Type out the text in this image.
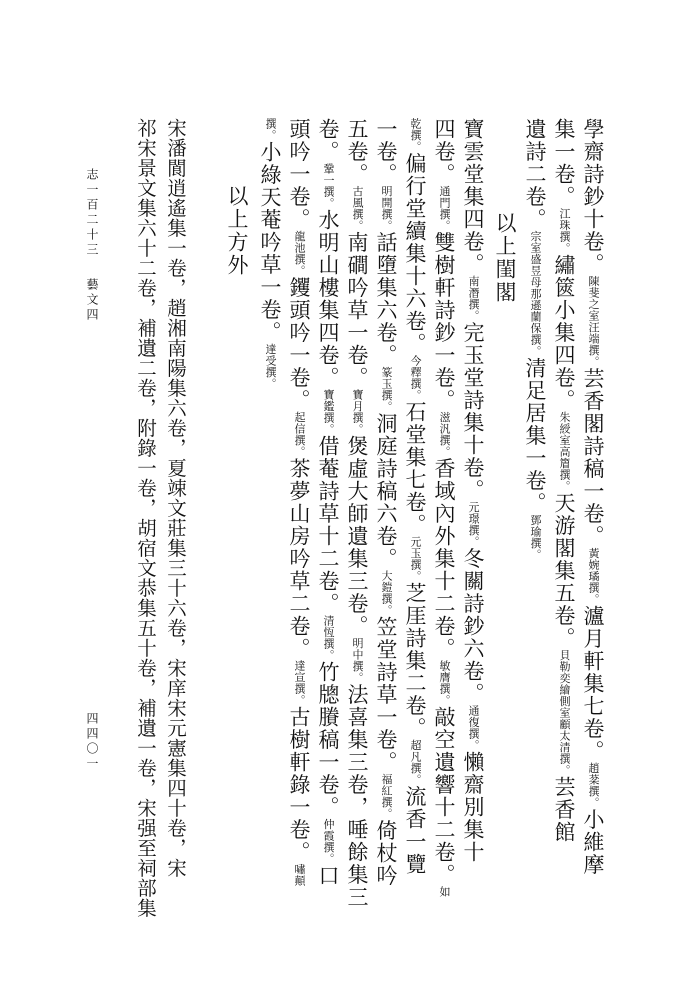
學齋詩鈔十卷。陳斐之室汪端撰。芸香閣詩稿一卷。黃婉璚撰。瀘月軒集七卷。趙棻撰。小維摩
集一卷。江珠撰。繡篋小集四卷。朱綬室高篃撰。天游閣集五卷。貝勒奕繪側室顧太清撰。芸香館
遺詩二卷。宗室盛昱母那遜蘭保撰。清足居集一卷。鄧瑜撰。
以上閨閣
寶雲堂集四卷。南潛撰。完玉堂詩集十卷。元璟撰。冬關詩鈔六卷。通復撰。懶齋別集十
四卷。通門撰。雙樹軒詩鈔一卷。滋汎撰。香域內外集十二卷。敏膺撰。敲空遺響十二卷。如
乾撰。偏行堂續集十六卷。今釋撰。石堂集七卷。元玉撰。芝厓詩集二卷。超凡撰。流香一覽
一卷。明開撰。話墮集六卷。篆玉撰。洞庭詩稿六卷。大鎧撰。笠堂詩草一卷。福紅撰。倚杖吟
五卷。古風撰。南磵吟草一卷。寶月撰。煲虛大師遺集三卷。明中撰。法喜集三卷，唾餘集三
卷。鞏一撰。水明山樓集四卷。寶鑑撰。借菴詩草十二卷。清恆撰。竹牕賸稿一卷。仲霞撰。口
頭吟一卷。龍池撰。钁頭吟一卷。起信撰。茶夢山房吟草二卷。達宣撰。古樹軒錄一卷。嘯顛
撰。小綠天菴吟草一卷。達受撰。
以上方外
宋潘閬逍遙集一卷，趙湘南陽集六卷，夏竦文莊集三十六卷，宋庠宋元憲集四十卷，宋
祁宋景文集六十二卷，補遺二卷，附錄一卷，胡宿文恭集五十卷，補遺一卷，宋强至祠部集
志一百二十三
藝文四
四四〇一
